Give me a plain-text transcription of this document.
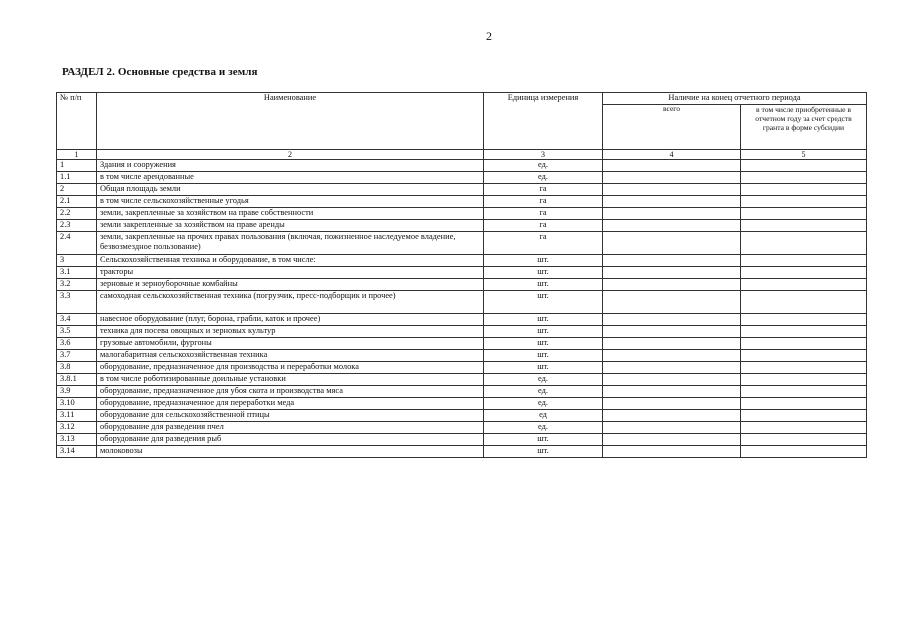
2
РАЗДЕЛ 2. Основные средства и земля
№ п/п	Наименование	Единица измерения	Наличие на конец отчетного периода	
			всего	в том числе приобретенные в отчетном году за счет средств гранта в форме субсидии
1	2	3	4	5
1	Здания и сооружения	ед.		
1.1	в том числе арендованные	ед.		
2	Общая площадь земли	га		
2.1	в том числе сельскохозяйственные угодья	га		
2.2	земли, закрепленные за хозяйством на праве собственности	га		
2.3	земли закрепленные за хозяйством на праве аренды	га		
2.4	земли, закрепленные на прочих правах пользования (включая, пожизненное наследуемое владение, безвозмездное пользование)	га		
3	Сельскохозяйственная техника и оборудование, в том числе:	шт.		
3.1	тракторы	шт.		
3.2	зерновые и зерноуборочные комбайны	шт.		
3.3	самоходная сельскохозяйственная техника (погрузчик, пресс-подборщик и прочее)	шт.		
3.4	навесное оборудование (плуг, борона, грабли, каток и прочее)	шт.		
3.5	техника для посева овощных и зерновых культур	шт.		
3.6	грузовые автомобили, фургоны	шт.		
3.7	малогабаритная сельскохозяйственная техника	шт.		
3.8	оборудование, предназначенное для производства и переработки молока	шт.		
3.8.1	в том числе роботизированные доильные установки	ед.		
3.9	оборудование, предназначенное для убоя скота и производства мяса	ед.		
3.10	оборудование, предназначенное для переработки меда	ед.		
3.11	оборудование для сельскохозяйственной птицы	ед		
3.12	оборудование для разведения пчел	ед.		
3.13	оборудование для разведения рыб	шт.		
3.14	молоковозы	шт.		
